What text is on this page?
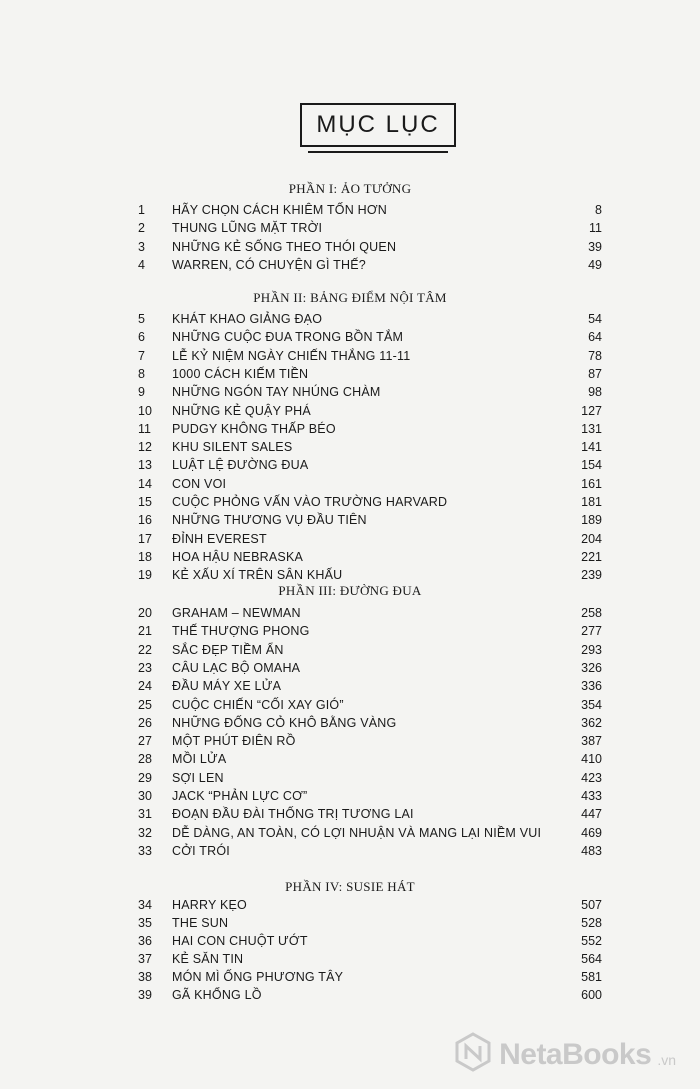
MỤC LỤC
PHẦN I: ẢO TƯỞNG
1	HÃY CHỌN CÁCH KHIÊM TỐN HƠN	8
2	THUNG LŨNG MẶT TRỜI	11
3	NHỮNG KẺ SỐNG THEO THÓI QUEN	39
4	WARREN, CÓ CHUYỆN GÌ THẾ?	49
PHẦN II: BẢNG ĐIỂM NỘI TÂM
5	KHÁT KHAO GIẢNG ĐẠO	54
6	NHỮNG CUỘC ĐUA TRONG BỒN TẮM	64
7	LỄ KỶ NIỆM NGÀY CHIẾN THẮNG 11-11	78
8	1000 CÁCH KIẾM TIỀN	87
9	NHỮNG NGÓN TAY NHÚNG CHÀM	98
10	NHỮNG KẺ QUẬY PHÁ	127
11	PUDGY KHÔNG THẤP BÉO	131
12	KHU SILENT SALES	141
13	LUẬT LỆ ĐƯỜNG ĐUA	154
14	CON VOI	161
15	CUỘC PHỎNG VẤN VÀO TRƯỜNG HARVARD	181
16	NHỮNG THƯƠNG VỤ ĐẦU TIÊN	189
17	ĐỈNH EVEREST	204
18	HOA HẬU NEBRASKA	221
19	KẺ XẤU XÍ TRÊN SÂN KHẤU	239
PHẦN III: ĐƯỜNG ĐUA
20	GRAHAM – NEWMAN	258
21	THẾ THƯỢNG PHONG	277
22	SẮC ĐẸP TIỀM ẨN	293
23	CÂU LẠC BỘ OMAHA	326
24	ĐẦU MÁY XE LỬA	336
25	CUỘC CHIẾN “CỐI XAY GIÓ”	354
26	NHỮNG ĐỐNG CỎ KHÔ BẰNG VÀNG	362
27	MỘT PHÚT ĐIÊN RỒ	387
28	MỒI LỬA	410
29	SỢI LEN	423
30	JACK “PHẢN LỰC CƠ”	433
31	ĐOẠN ĐẦU ĐÀI THỐNG TRỊ TƯƠNG LAI	447
32	DỄ DÀNG, AN TOÀN, CÓ LỢI NHUẬN VÀ MANG LẠI NIỀM VUI	469
33	CỞI TRÓI	483
PHẦN IV: SUSIE HÁT
34	HARRY KẸO	507
35	THE SUN	528
36	HAI CON CHUỘT ƯỚT	552
37	KẺ SĂN TIN	564
38	MÓN MÌ ỐNG PHƯƠNG TÂY	581
39	GÃ KHỔNG LỒ	600
NetaBooks .vn
